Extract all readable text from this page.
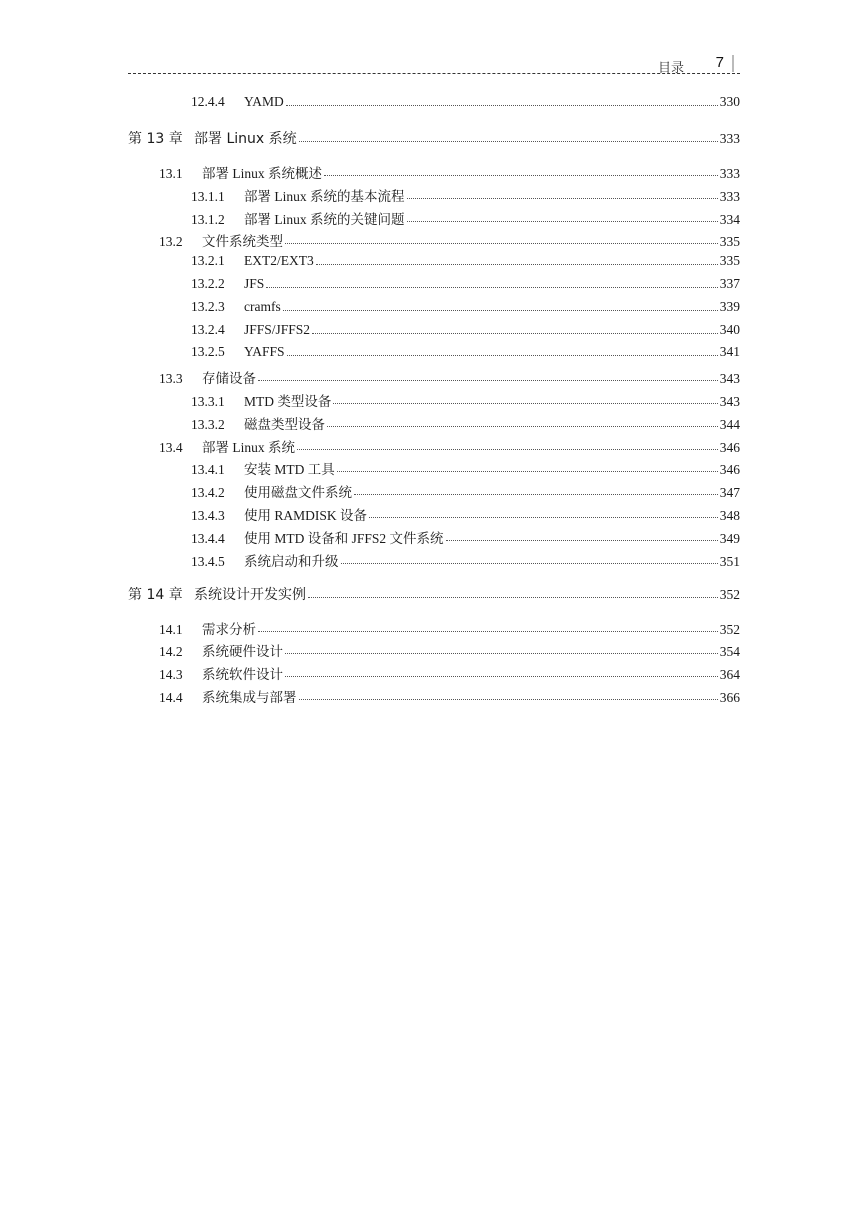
目录 7
12.4.4	YAMD	330
第 13 章 部署 Linux 系统	333
13.1	部署 Linux 系统概述	333
13.1.1	部署 Linux 系统的基本流程	333
13.1.2	部署 Linux 系统的关键问题	334
13.2	文件系统类型	335
13.2.1	EXT2/EXT3	335
13.2.2	JFS	337
13.2.3	cramfs	339
13.2.4	JFFS/JFFS2	340
13.2.5	YAFFS	341
13.3	存储设备	343
13.3.1	MTD 类型设备	343
13.3.2	磁盘类型设备	344
13.4	部署 Linux 系统	346
13.4.1	安装 MTD 工具	346
13.4.2	使用磁盘文件系统	347
13.4.3	使用 RAMDISK 设备	348
13.4.4	使用 MTD 设备和 JFFS2 文件系统	349
13.4.5	系统启动和升级	351
第 14 章 系统设计开发实例	352
14.1	需求分析	352
14.2	系统硬件设计	354
14.3	系统软件设计	364
14.4	系统集成与部署	366
